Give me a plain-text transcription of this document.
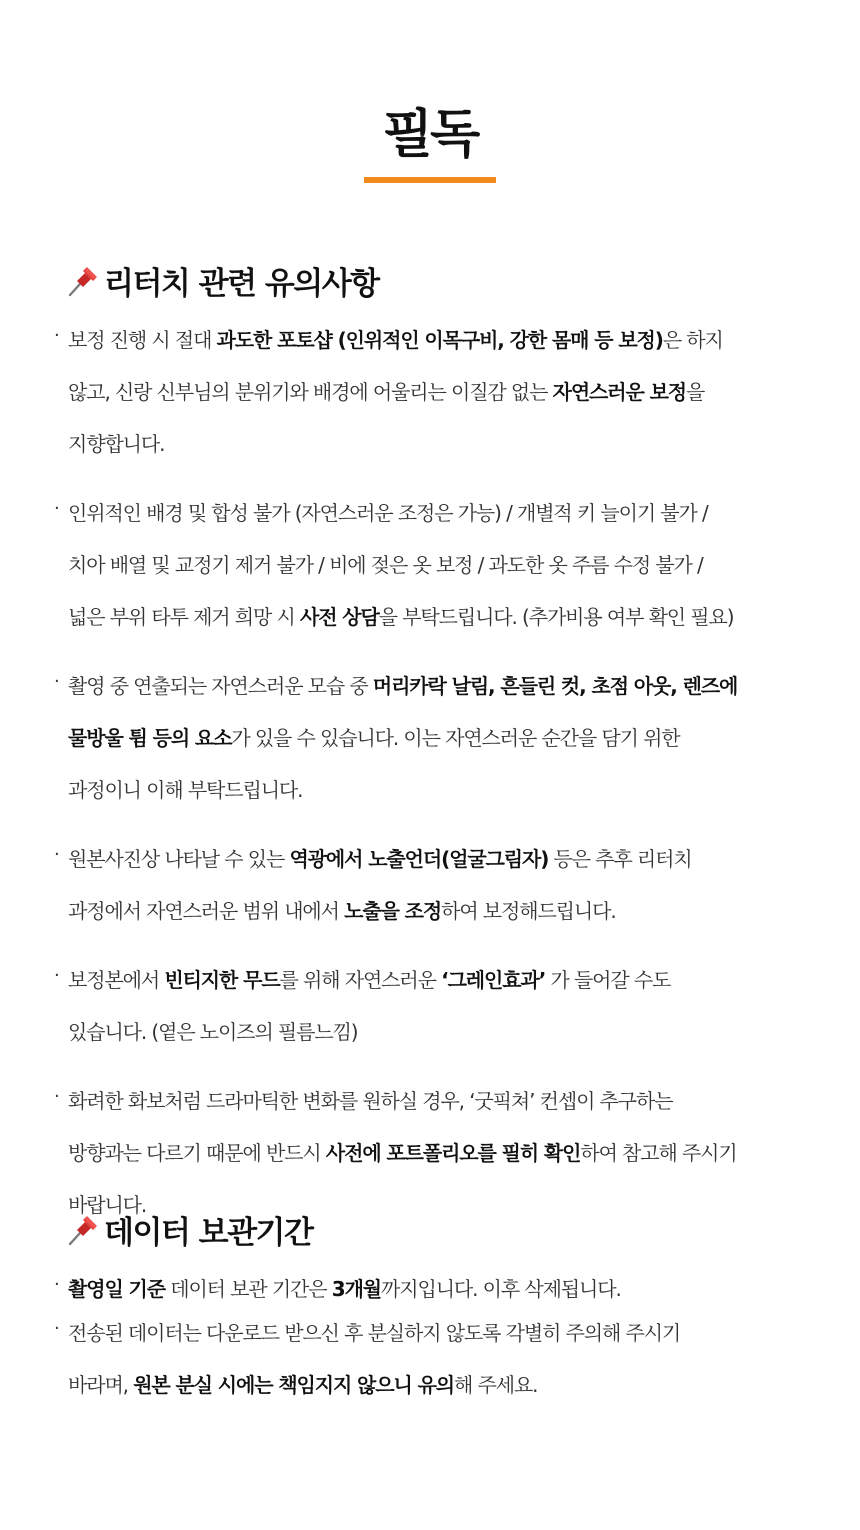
필독
리터치 관련 유의사항
. 보정 진행 시 절대 과도한 포토샵 (인위적인 이목구비, 강한 몸매 등 보정)은 하지
않고, 신랑 신부님의 분위기와 배경에 어울리는 이질감 없는 자연스러운 보정을
지향합니다.
. 인위적인 배경 및 합성 불가 (자연스러운 조정은 가능) / 개별적 키 늘이기 불가 /
치아 배열 및 교정기 제거 불가 / 비에 젖은 옷 보정 / 과도한 옷 주름 수정 불가 /
넓은 부위 타투 제거 희망 시 사전 상담을 부탁드립니다. (추가비용 여부 확인 필요)
. 촬영 중 연출되는 자연스러운 모습 중 머리카락 날림, 흔들린 컷, 초점 아웃, 렌즈에
물방울 튐 등의 요소가 있을 수 있습니다. 이는 자연스러운 순간을 담기 위한
과정이니 이해 부탁드립니다.
. 원본사진상 나타날 수 있는 역광에서 노출언더(얼굴그림자) 등은 추후 리터치
과정에서 자연스러운 범위 내에서 노출을 조정하여 보정해드립니다.
. 보정본에서 빈티지한 무드를 위해 자연스러운 ‘그레인효과’ 가 들어갈 수도
있습니다. (옅은 노이즈의 필름느낌)
. 화려한 화보처럼 드라마틱한 변화를 원하실 경우, ‘굿픽쳐’ 컨셉이 추구하는
방향과는 다르기 때문에 반드시 사전에 포트폴리오를 필히 확인하여 참고해 주시기
바랍니다.
데이터 보관기간
. 촬영일 기준 데이터 보관 기간은 3개월까지입니다. 이후 삭제됩니다.
. 전송된 데이터는 다운로드 받으신 후 분실하지 않도록 각별히 주의해 주시기
바라며, 원본 분실 시에는 책임지지 않으니 유의해 주세요.
